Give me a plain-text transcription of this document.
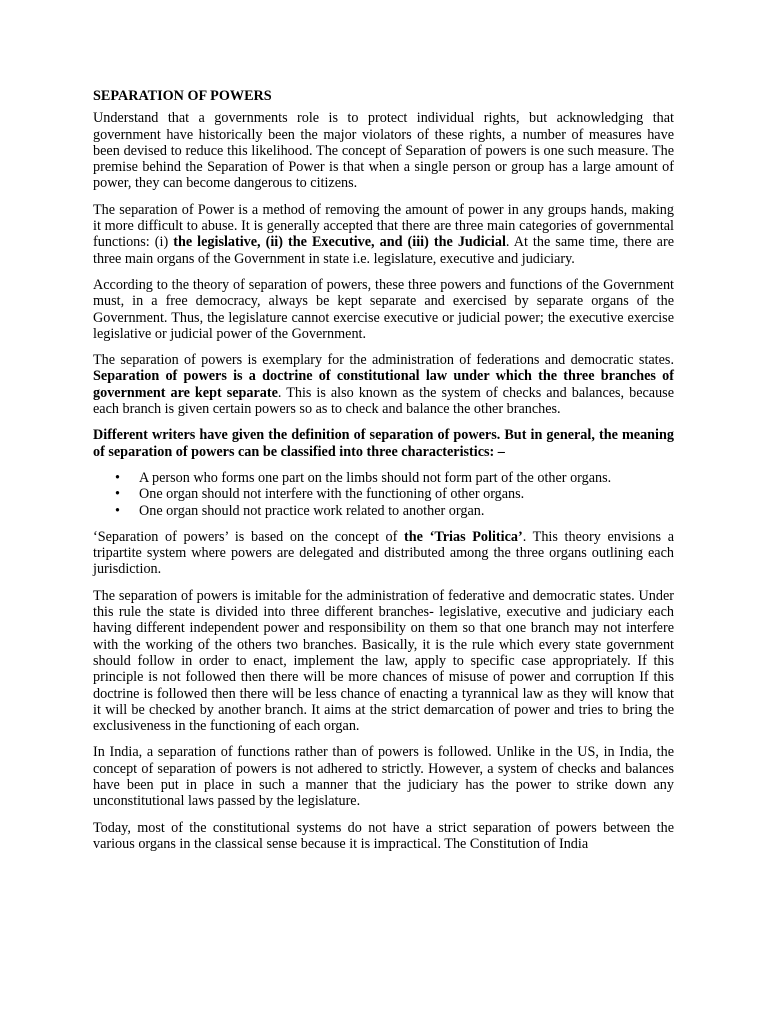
SEPARATION OF POWERS

Understand that a governments role is to protect individual rights, but acknowledging that government have historically been the major violators of these rights, a number of measures have been devised to reduce this likelihood. The concept of Separation of powers is one such measure. The premise behind the Separation of Power is that when a single person or group has a large amount of power, they can become dangerous to citizens.

The separation of Power is a method of removing the amount of power in any groups hands, making it more difficult to abuse. It is generally accepted that there are three main categories of governmental functions: (i) the legislative, (ii) the Executive, and (iii) the Judicial. At the same time, there are three main organs of the Government in state i.e. legislature, executive and judiciary.

According to the theory of separation of powers, these three powers and functions of the Government must, in a free democracy, always be kept separate and exercised by separate organs of the Government. Thus, the legislature cannot exercise executive or judicial power; the executive exercise legislative or judicial power of the Government.

The separation of powers is exemplary for the administration of federations and democratic states. Separation of powers is a doctrine of constitutional law under which the three branches of government are kept separate. This is also known as the system of checks and balances, because each branch is given certain powers so as to check and balance the other branches.

Different writers have given the definition of separation of powers. But in general, the meaning of separation of powers can be classified into three characteristics: –

• A person who forms one part on the limbs should not form part of the other organs.
• One organ should not interfere with the functioning of other organs.
• One organ should not practice work related to another organ.

‘Separation of powers’ is based on the concept of the ‘Trias Politica’. This theory envisions a tripartite system where powers are delegated and distributed among the three organs outlining each jurisdiction.

The separation of powers is imitable for the administration of federative and democratic states. Under this rule the state is divided into three different branches- legislative, executive and judiciary each having different independent power and responsibility on them so that one branch may not interfere with the working of the others two branches. Basically, it is the rule which every state government should follow in order to enact, implement the law, apply to specific case appropriately. If this principle is not followed then there will be more chances of misuse of power and corruption If this doctrine is followed then there will be less chance of enacting a tyrannical law as they will know that it will be checked by another branch. It aims at the strict demarcation of power and tries to bring the exclusiveness in the functioning of each organ.

In India, a separation of functions rather than of powers is followed. Unlike in the US, in India, the concept of separation of powers is not adhered to strictly. However, a system of checks and balances have been put in place in such a manner that the judiciary has the power to strike down any unconstitutional laws passed by the legislature.

Today, most of the constitutional systems do not have a strict separation of powers between the various organs in the classical sense because it is impractical. The Constitution of India
